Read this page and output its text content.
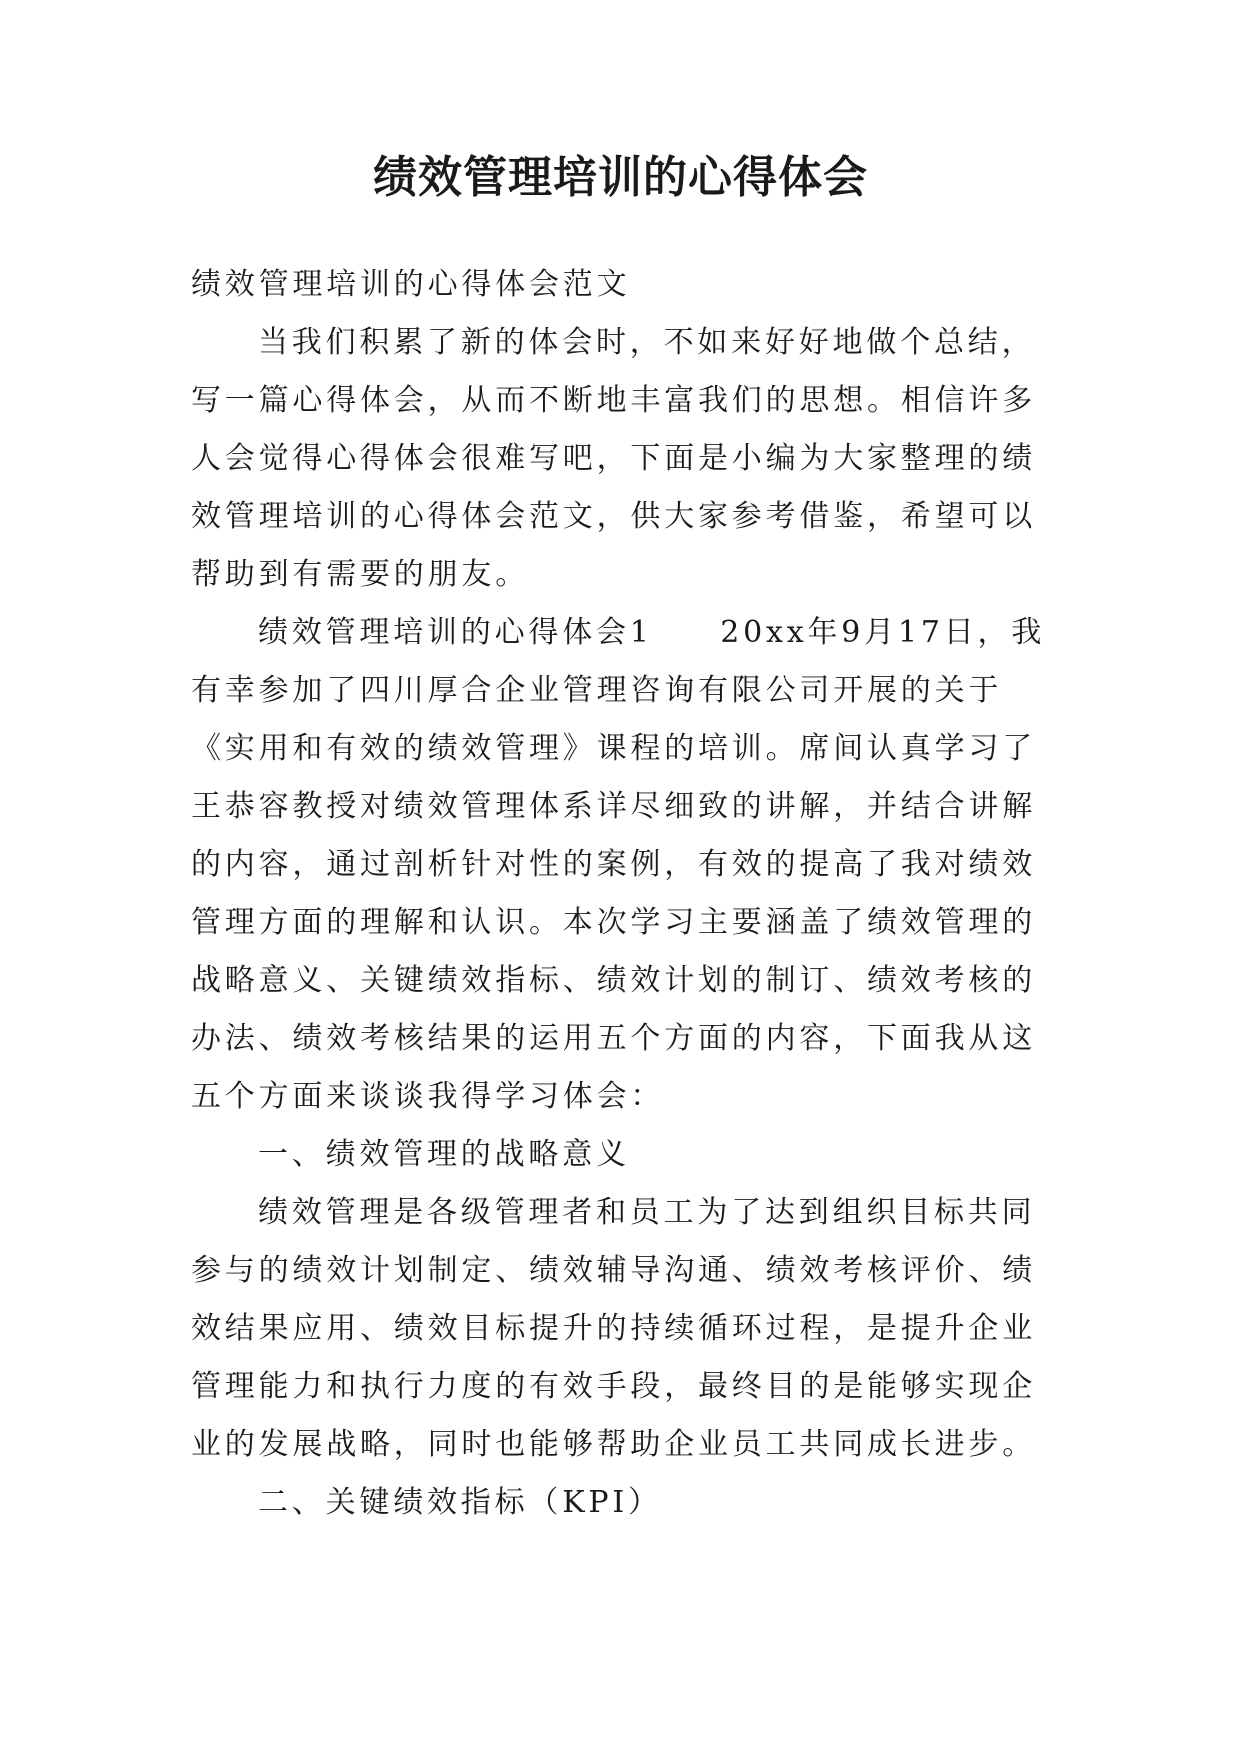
绩效管理培训的心得体会

绩效管理培训的心得体会范文

当我们积累了新的体会时，不如来好好地做个总结，写一篇心得体会，从而不断地丰富我们的思想。相信许多人会觉得心得体会很难写吧，下面是小编为大家整理的绩效管理培训的心得体会范文，供大家参考借鉴，希望可以帮助到有需要的朋友。

绩效管理培训的心得体会1　　20xx年9月17日，我有幸参加了四川厚合企业管理咨询有限公司开展的关于《实用和有效的绩效管理》课程的培训。席间认真学习了王恭容教授对绩效管理体系详尽细致的讲解，并结合讲解的内容，通过剖析针对性的案例，有效的提高了我对绩效管理方面的理解和认识。本次学习主要涵盖了绩效管理的战略意义、关键绩效指标、绩效计划的制订、绩效考核的办法、绩效考核结果的运用五个方面的内容，下面我从这五个方面来谈谈我得学习体会：

一、绩效管理的战略意义

绩效管理是各级管理者和员工为了达到组织目标共同参与的绩效计划制定、绩效辅导沟通、绩效考核评价、绩效结果应用、绩效目标提升的持续循环过程，是提升企业管理能力和执行力度的有效手段，最终目的是能够实现企业的发展战略，同时也能够帮助企业员工共同成长进步。

二、关键绩效指标（KPI）
